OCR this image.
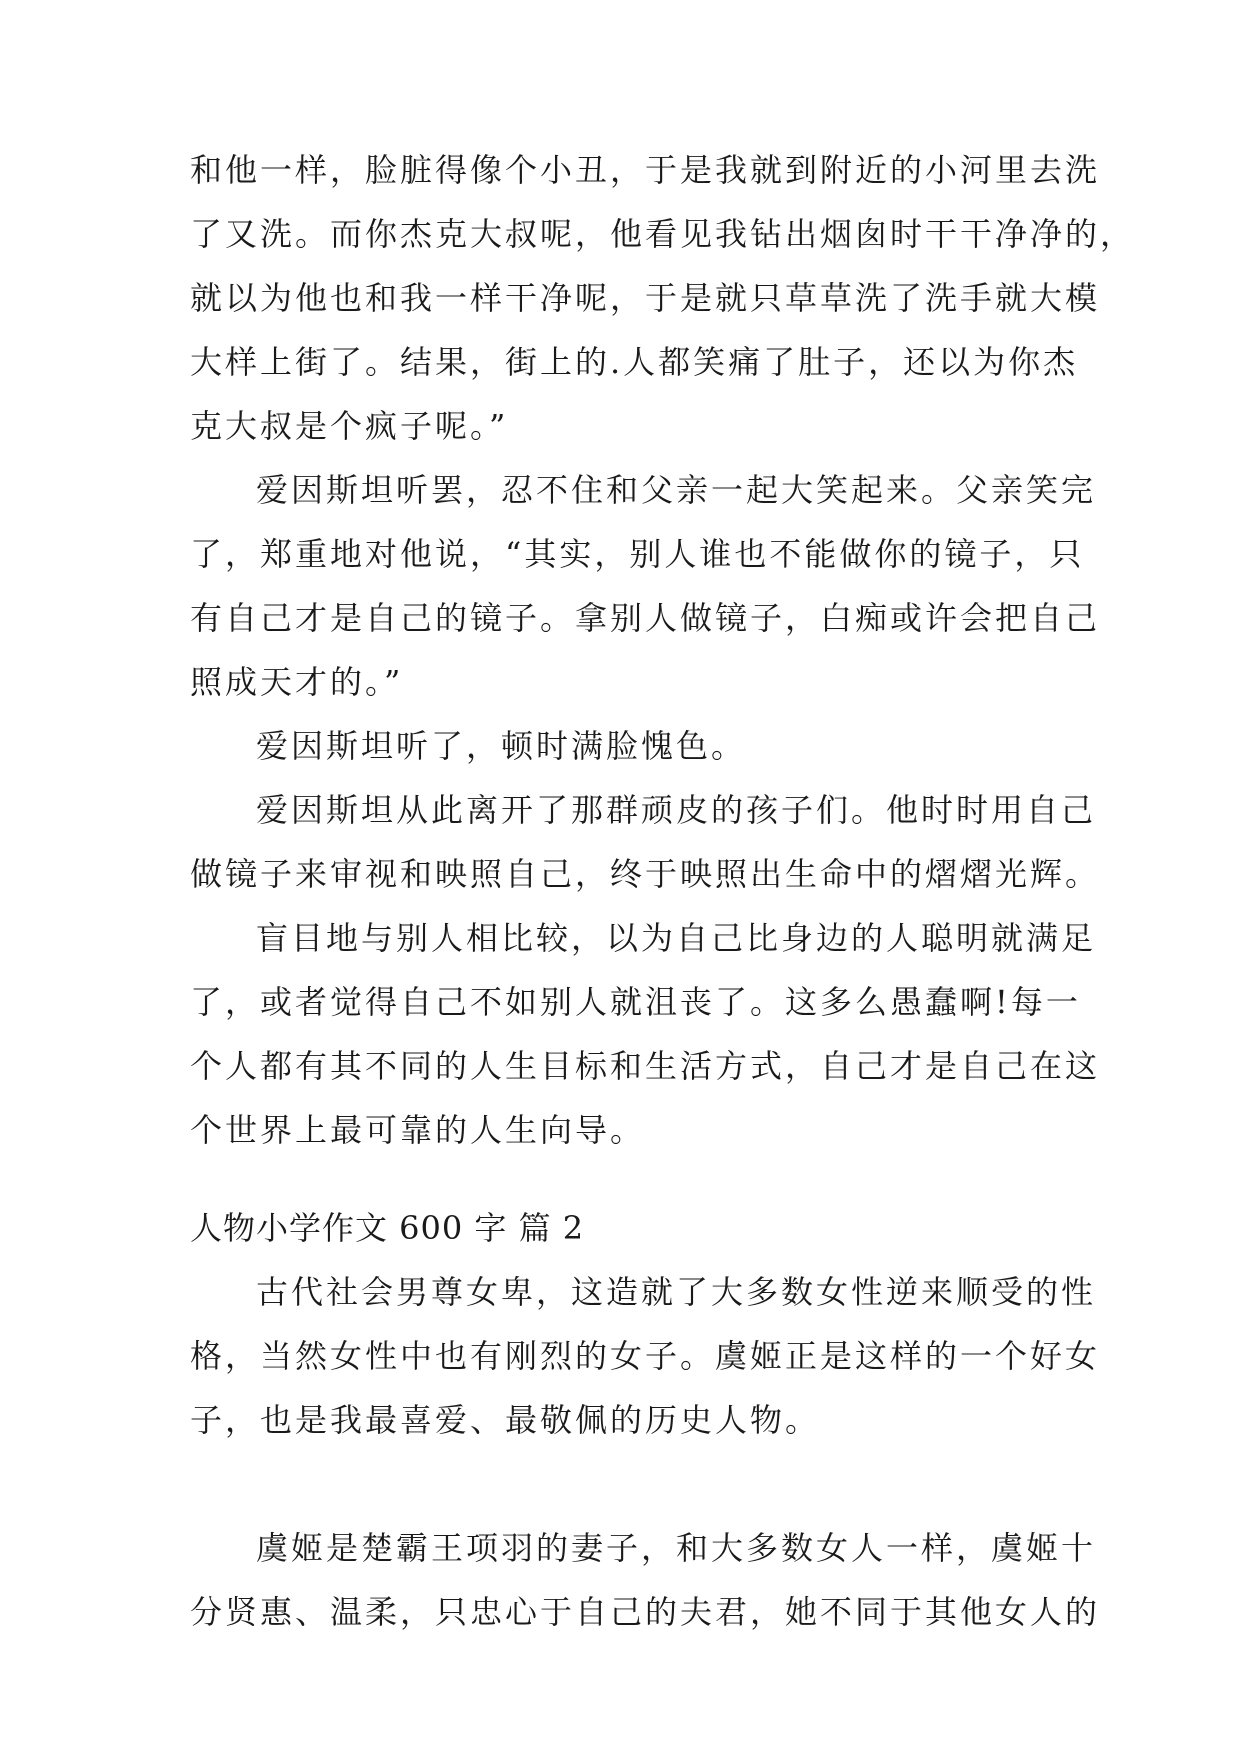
和他一样，脸脏得像个小丑，于是我就到附近的小河里去洗
了又洗。而你杰克大叔呢，他看见我钻出烟囱时干干净净的，
就以为他也和我一样干净呢，于是就只草草洗了洗手就大模
大样上街了。结果，街上的.人都笑痛了肚子，还以为你杰
克大叔是个疯子呢。”
爱因斯坦听罢，忍不住和父亲一起大笑起来。父亲笑完
了，郑重地对他说，“其实，别人谁也不能做你的镜子，只
有自己才是自己的镜子。拿别人做镜子，白痴或许会把自己
照成天才的。”
爱因斯坦听了，顿时满脸愧色。
爱因斯坦从此离开了那群顽皮的孩子们。他时时用自己
做镜子来审视和映照自己，终于映照出生命中的熠熠光辉。
盲目地与别人相比较，以为自己比身边的人聪明就满足
了，或者觉得自己不如别人就沮丧了。这多么愚蠢啊!每一
个人都有其不同的人生目标和生活方式，自己才是自己在这
个世界上最可靠的人生向导。
人物小学作文 600 字 篇 2
古代社会男尊女卑，这造就了大多数女性逆来顺受的性
格，当然女性中也有刚烈的女子。虞姬正是这样的一个好女
子，也是我最喜爱、最敬佩的历史人物。
虞姬是楚霸王项羽的妻子，和大多数女人一样，虞姬十
分贤惠、温柔，只忠心于自己的夫君，她不同于其他女人的
